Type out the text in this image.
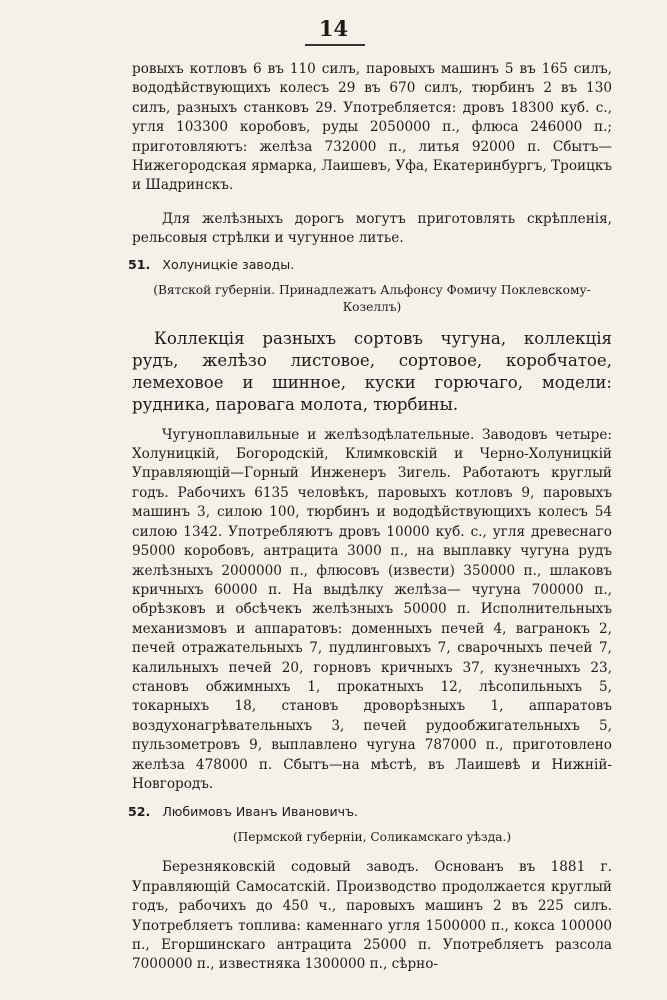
14

ровыхъ котловъ 6 въ 110 силъ, паровыхъ машинъ 5 въ 165 силъ, вододѣйствующихъ колесъ 29 въ 670 силъ, тюрбинъ 2 въ 130 силъ, разныхъ станковъ 29. Употребляется: дровъ 18300 куб. с., угля 103300 коробовъ, руды 2050000 п., флюса 246000 п.; приготовляютъ: желѣза 732000 п., литья 92000 п. Сбытъ—Нижегородская ярмарка, Лаишевъ, Уфа, Екатеринбургъ, Троицкъ и Шадринскъ.

Для желѣзныхъ дорогъ могутъ приготовлять скрѣпленія, рельсовыя стрѣлки и чугунное литье.

51. Холуницкіе заводы.
(Вятской губерніи. Принадлежатъ Альфонсу Фомичу Поклевскому-Козеллъ)

Коллекція разныхъ сортовъ чугуна, коллекція рудъ, желѣзо листовое, сортовое, коробчатое, лемеховое и шинное, куски горючаго, модели: рудника, паровага молота, тюрбины.

Чугуноплавильные и желѣзодѣлательные. Заводовъ четыре: Холуницкій, Богородскій, Климковскій и Черно-Холуницкій Управляющій—Горный Инженеръ Зигель. Работаютъ круглый годъ. Рабочихъ 6135 человѣкъ, паровыхъ котловъ 9, паровыхъ машинъ 3, силою 100, тюрбинъ и вододѣйствующихъ колесъ 54 силою 1342. Употребляютъ дровъ 10000 куб. с., угля древеснаго 95000 коробовъ, антрацита 3000 п., на выплавку чугуна рудъ желѣзныхъ 2000000 п., флюсовъ (извести) 350000 п., шлаковъ кричныхъ 60000 п. На выдѣлку желѣза— чугуна 700000 п., обрѣзковъ и обсѣчекъ желѣзныхъ 50000 п. Исполнительныхъ механизмовъ и аппаратовъ: доменныхъ печей 4, вагранокъ 2, печей отражательныхъ 7, пудлинговыхъ 7, сварочныхъ печей 7, калильныхъ печей 20, горновъ кричныхъ 37, кузнечныхъ 23, становъ обжимныхъ 1, прокатныхъ 12, лѣсопильныхъ 5, токарныхъ 18, становъ дроворѣзныхъ 1, аппаратовъ воздухонагрѣвательныхъ 3, печей рудообжигательныхъ 5, пульзометровъ 9, выплавлено чугуна 787000 п., приготовлено желѣза 478000 п. Сбытъ—на мѣстѣ, въ Лаишевѣ и Нижній-Новгородъ.

52. Любимовъ Иванъ Ивановичъ.
(Пермской губерніи, Соликамскаго уѣзда.)

Березняковскій содовый заводъ. Основанъ въ 1881 г. Управляющій Самосатскій. Производство продолжается круглый годъ, рабочихъ до 450 ч., паровыхъ машинъ 2 въ 225 силъ. Употребляетъ топлива: каменнаго угля 1500000 п., кокса 100000 п., Егоршинскаго антрацита 25000 п. Употребляетъ разсола 7000000 п., известняка 1300000 п., сѣрно-
